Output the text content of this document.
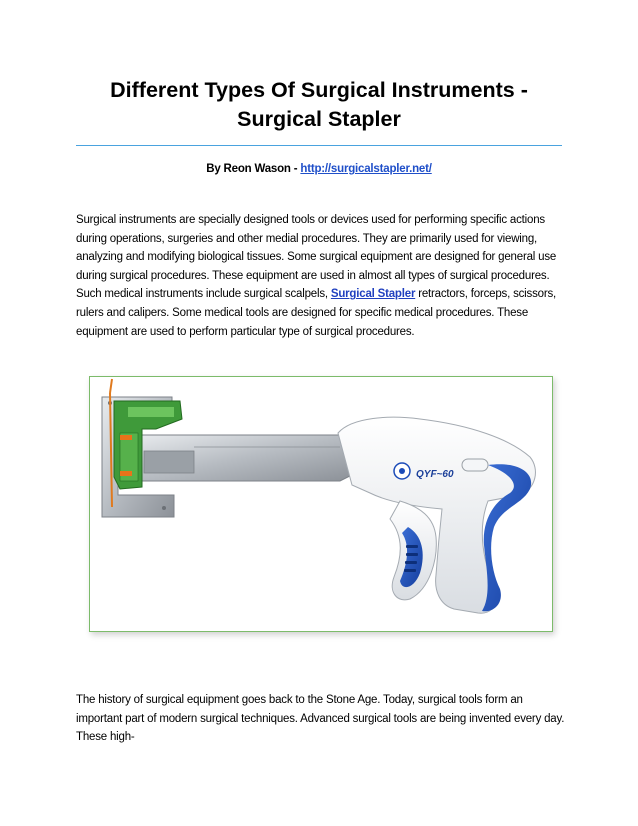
Different Types Of Surgical Instruments -
Surgical Stapler
By Reon Wason - http://surgicalstapler.net/
Surgical instruments are specially designed tools or devices used for performing specific actions during operations, surgeries and other medial procedures. They are primarily used for viewing, analyzing and modifying biological tissues. Some surgical equipment are designed for general use during surgical procedures. These equipment are used in almost all types of surgical procedures. Such medical instruments include surgical scalpels, Surgical Stapler retractors, forceps, scissors, rulers and calipers. Some medical tools are designed for specific medical procedures. These equipment are used to perform particular type of surgical procedures.
QYF~60
The history of surgical equipment goes back to the Stone Age. Today, surgical tools form an important part of modern surgical techniques. Advanced surgical tools are being invented every day. These high-
